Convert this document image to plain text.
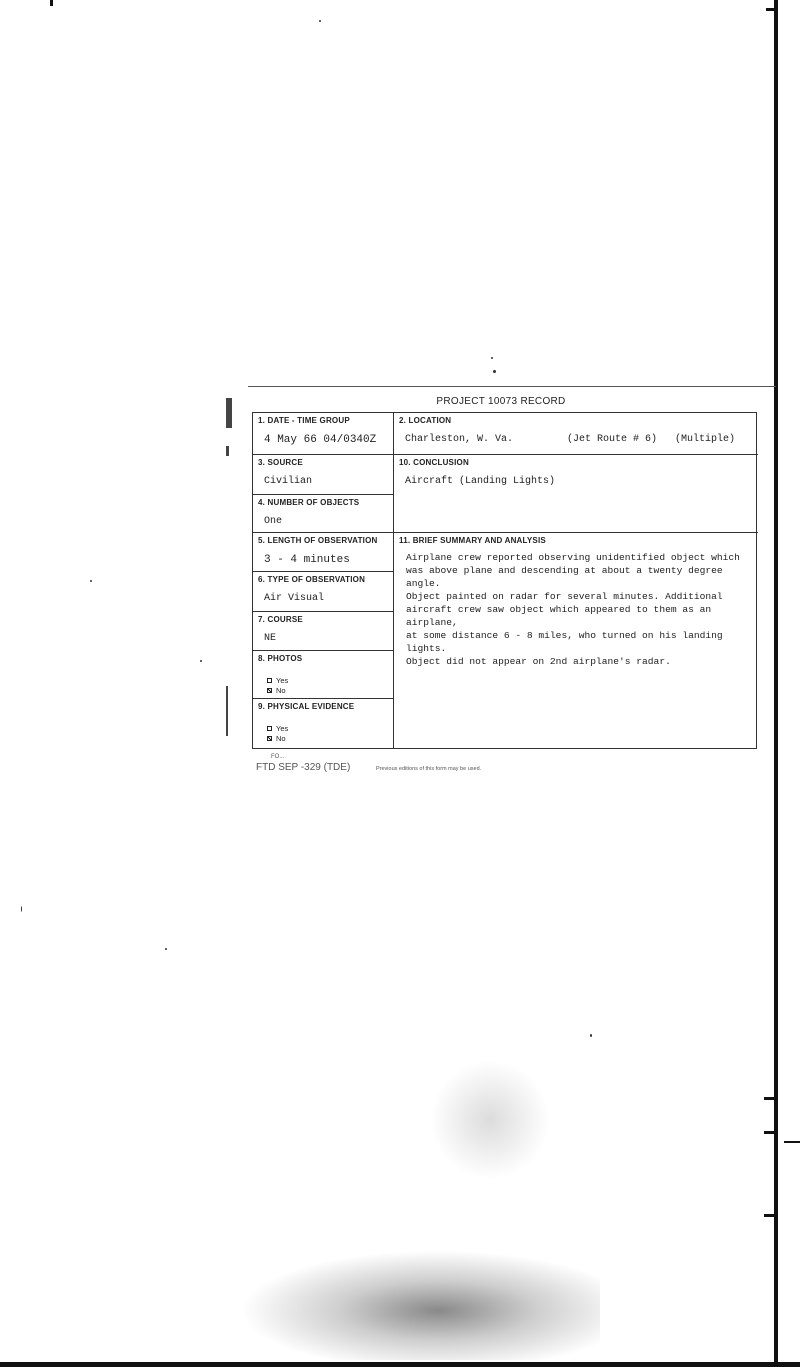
PROJECT 10073 RECORD
1. DATE - TIME GROUP
4 May 66 04/0340Z
2. LOCATION
Charleston, W. Va.         (Jet Route # 6)   (Multiple)
3. SOURCE
Civilian
4. NUMBER OF OBJECTS
One
10. CONCLUSION
Aircraft (Landing Lights)
5. LENGTH OF OBSERVATION
3 - 4 minutes
6. TYPE OF OBSERVATION
Air Visual
7. COURSE
NE
8. PHOTOS
Yes
No
9. PHYSICAL EVIDENCE
Yes
No
11. BRIEF SUMMARY AND ANALYSIS
Airplane crew reported observing unidentified object which
was above plane and descending at about a twenty degree angle.
Object painted on radar for several minutes. Additional
aircraft crew saw object which appeared to them as an airplane,
at some distance 6 - 8 miles, who turned on his landing lights.
Object did not appear on 2nd airplane's radar.
FO...
FTD SEP -329 (TDE)	Previous editions of this form may be used.
